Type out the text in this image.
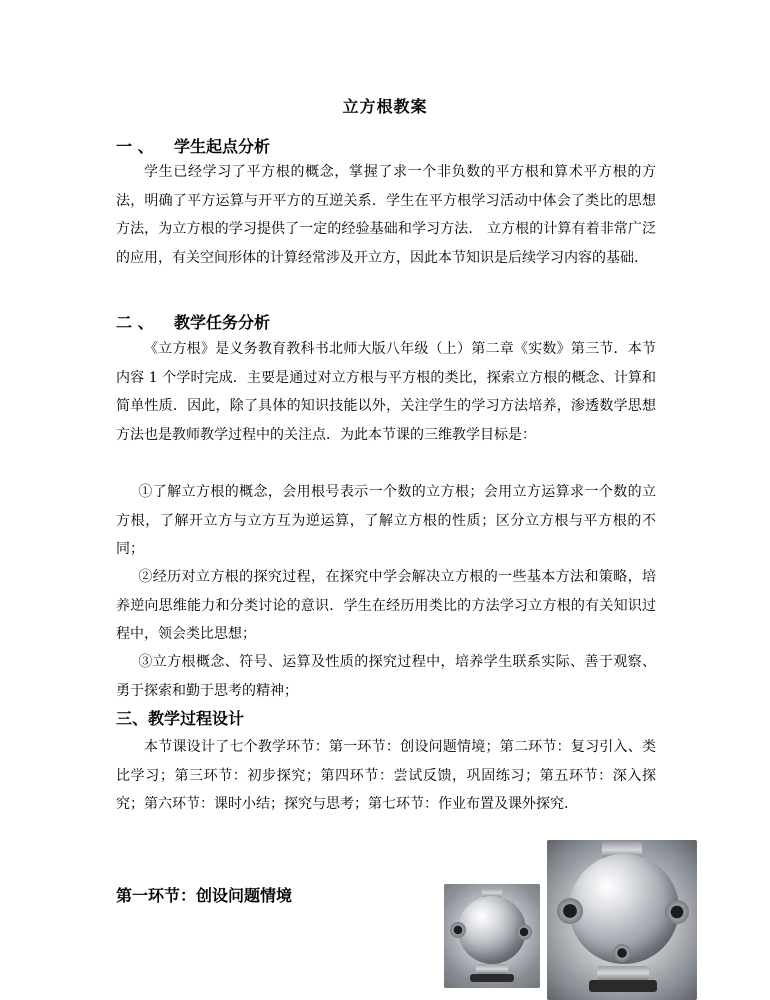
立方根教案
一 、 学生起点分析
学生已经学习了平方根的概念，掌握了求一个非负数的平方根和算术平方根的方法，明确了平方运算与开平方的互逆关系．学生在平方根学习活动中体会了类比的思想方法，为立方根的学习提供了一定的经验基础和学习方法． 立方根的计算有着非常广泛的应用，有关空间形体的计算经常涉及开立方，因此本节知识是后续学习内容的基础.
二 、 教学任务分析
《立方根》是义务教育教科书北师大版八年级（上）第二章《实数》第三节．本节内容 1 个学时完成．主要是通过对立方根与平方根的类比，探索立方根的概念、计算和简单性质．因此，除了具体的知识技能以外，关注学生的学习方法培养，渗透数学思想方法也是教师教学过程中的关注点．为此本节课的三维教学目标是：
①了解立方根的概念，会用根号表示一个数的立方根；会用立方运算求一个数的立方根，了解开立方与立方互为逆运算，了解立方根的性质；区分立方根与平方根的不同；
②经历对立方根的探究过程，在探究中学会解决立方根的一些基本方法和策略，培养逆向思维能力和分类讨论的意识．学生在经历用类比的方法学习立方根的有关知识过程中，领会类比思想；
③立方根概念、符号、运算及性质的探究过程中，培养学生联系实际、善于观察、勇于探索和勤于思考的精神；
三、教学过程设计
本节课设计了七个教学环节：第一环节：创设问题情境；第二环节：复习引入、类比学习；第三环节：初步探究；第四环节：尝试反馈，巩固练习；第五环节：深入探究；第六环节：课时小结；探究与思考；第七环节：作业布置及课外探究.
第一环节：创设问题情境
